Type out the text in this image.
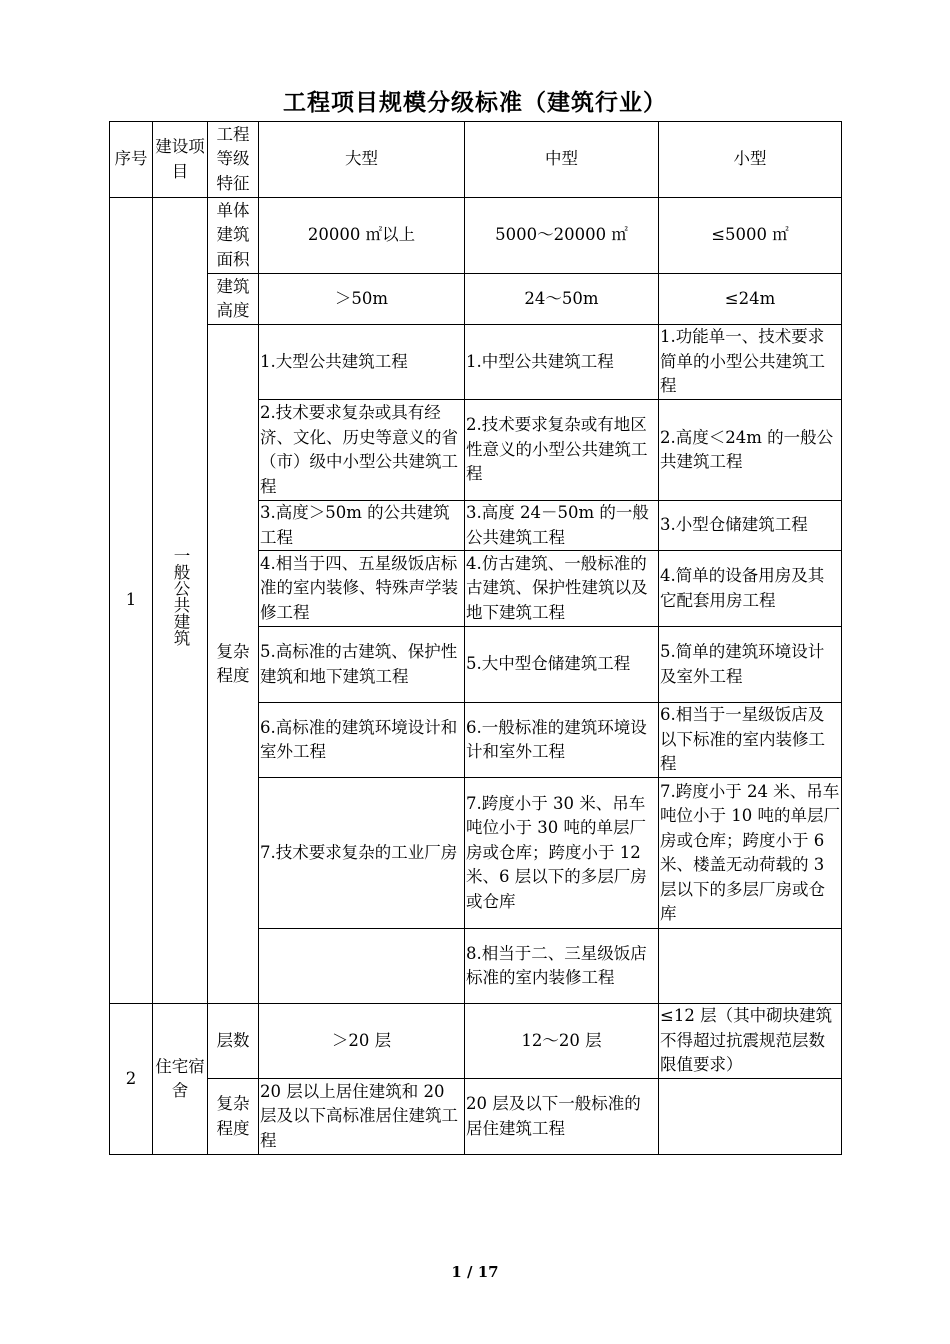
工程项目规模分级标准（建筑行业）
序号	建设项目	工程等级特征	大型	中型	小型
1	一般公共建筑	单体建筑面积	20000 ㎡以上	5000～20000 ㎡	≤5000 ㎡
		建筑高度	＞50m	24～50m	≤24m
		复杂程度	1.大型公共建筑工程	1.中型公共建筑工程	1.功能单一、技术要求简单的小型公共建筑工程
			2.技术要求复杂或具有经济、文化、历史等意义的省（市）级中小型公共建筑工程	2.技术要求复杂或有地区性意义的小型公共建筑工程	2.高度＜24m 的一般公共建筑工程
			3.高度＞50m 的公共建筑工程	3.高度 24－50m 的一般公共建筑工程	3.小型仓储建筑工程
			4.相当于四、五星级饭店标准的室内装修、特殊声学装修工程	4.仿古建筑、一般标准的古建筑、保护性建筑以及地下建筑工程	4.简单的设备用房及其它配套用房工程
			5.高标准的古建筑、保护性建筑和地下建筑工程	5.大中型仓储建筑工程	5.简单的建筑环境设计及室外工程
			6.高标准的建筑环境设计和室外工程	6.一般标准的建筑环境设计和室外工程	6.相当于一星级饭店及以下标准的室内装修工程
			7.技术要求复杂的工业厂房	7.跨度小于 30 米、吊车吨位小于 30 吨的单层厂房或仓库；跨度小于 12 米、6 层以下的多层厂房或仓库	7.跨度小于 24 米、吊车吨位小于 10 吨的单层厂房或仓库；跨度小于 6 米、楼盖无动荷载的 3 层以下的多层厂房或仓库
				8.相当于二、三星级饭店标准的室内装修工程	
2	住宅宿舍	层数	＞20 层	12～20 层	≤12 层（其中砌块建筑不得超过抗震规范层数限值要求）
		复杂程度	20 层以上居住建筑和 20 层及以下高标准居住建筑工程	20 层及以下一般标准的居住建筑工程	
1 / 17
